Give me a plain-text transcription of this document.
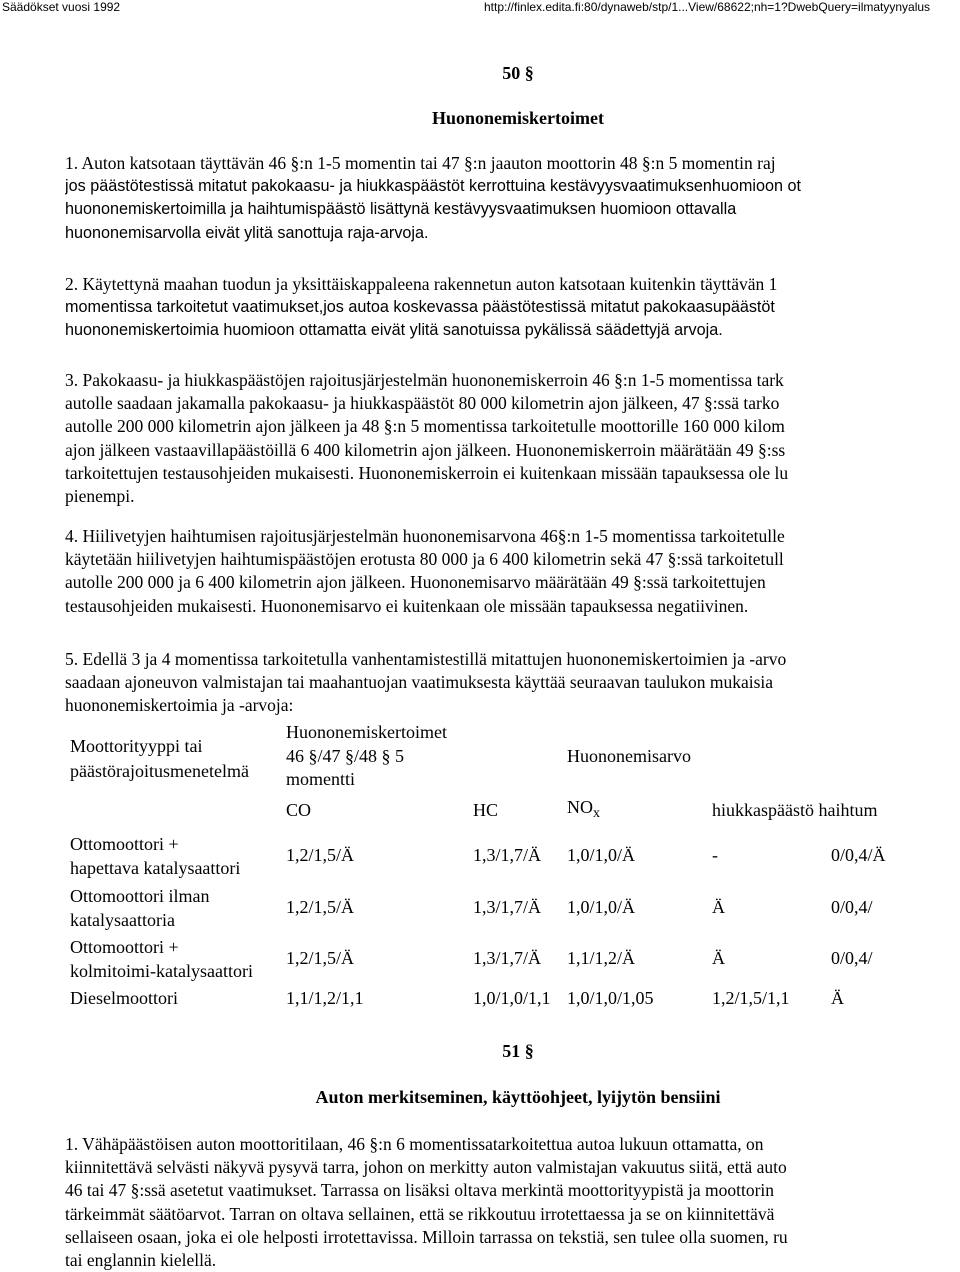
Säädökset vuosi 1992	http://finlex.edita.fi:80/dynaweb/stp/1...View/68622;nh=1?DwebQuery=ilmatyynyalus
50 §
Huononemiskertoimet
1. Auton katsotaan täyttävän 46 §:n 1-5 momentin tai 47 §:n jaauton moottorin 48 §:n 5 momentin raj
jos päästötestissä mitatut pakokaasu- ja hiukkaspäästöt kerrottuina kestävyysvaatimuksenhuomioon ot
huononemiskertoimilla ja haihtumispäästö lisättynä kestävyysvaatimuksen huomioon ottavalla
huononemisarvolla eivät ylitä sanottuja raja-arvoja.
2. Käytettynä maahan tuodun ja yksittäiskappaleena rakennetun auton katsotaan kuitenkin täyttävän 1
momentissa tarkoitetut vaatimukset,jos autoa koskevassa päästötestissä mitatut pakokaasupäästöt
huononemiskertoimia huomioon ottamatta eivät ylitä sanotuissa pykälissä säädettyjä arvoja.
3. Pakokaasu- ja hiukkaspäästöjen rajoitusjärjestelmän huononemiskerroin 46 §:n 1-5 momentissa tark
autolle saadaan jakamalla pakokaasu- ja hiukkaspäästöt 80 000 kilometrin ajon jälkeen, 47 §:ssä tarko
autolle 200 000 kilometrin ajon jälkeen ja 48 §:n 5 momentissa tarkoitetulle moottorille 160 000 kilom
ajon jälkeen vastaavillapäästöillä 6 400 kilometrin ajon jälkeen. Huononemiskerroin määrätään 49 §:ss
tarkoitettujen testausohjeiden mukaisesti. Huononemiskerroin ei kuitenkaan missään tapauksessa ole lu
pienempi.
4. Hiilivetyjen haihtumisen rajoitusjärjestelmän huononemisarvona 46§:n 1-5 momentissa tarkoitetulle
käytetään hiilivetyjen haihtumispäästöjen erotusta 80 000 ja 6 400 kilometrin sekä 47 §:ssä tarkoitetull
autolle 200 000 ja 6 400 kilometrin ajon jälkeen. Huononemisarvo määrätään 49 §:ssä tarkoitettujen
testausohjeiden mukaisesti. Huononemisarvo ei kuitenkaan ole missään tapauksessa negatiivinen.
5. Edellä 3 ja 4 momentissa tarkoitetulla vanhentamistestillä mitattujen huononemiskertoimien ja -arvo
saadaan ajoneuvon valmistajan tai maahantuojan vaatimuksesta käyttää seuraavan taulukon mukaisia
huononemiskertoimia ja -arvoja:
Moottorityyppi tai
päästörajoitusmenetelmä
Huononemiskertoimet
46 §/47 §/48 § 5
momentti
Huononemisarvo
CO	HC	$NO_x$	hiukkaspäästö haihtum
Ottomoottori +
hapettava katalysaattori
1,2/1,5/Ä	1,3/1,7/Ä 1,0/1,0/Ä	-	0/0,4/Ä
Ottomoottori ilman
katalysaattoria
1,2/1,5/Ä	1,3/1,7/Ä 1,0/1,0/Ä	Ä	0/0,4/
Ottomoottori +
kolmitoimi-katalysaattori
1,2/1,5/Ä	1,3/1,7/Ä 1,1/1,2/Ä	Ä	0/0,4/
Dieselmoottori	1,1/1,2/1,1	1,0/1,0/1,1 1,0/1,0/1,05	1,2/1,5/1,1 Ä
51 §
Auton merkitseminen, käyttöohjeet, lyijytön bensiini
1. Vähäpäästöisen auton moottoritilaan, 46 §:n 6 momentissatarkoitettua autoa lukuun ottamatta, on
kiinnitettävä selvästi näkyvä pysyvä tarra, johon on merkitty auton valmistajan vakuutus siitä, että auto
46 tai 47 §:ssä asetetut vaatimukset. Tarrassa on lisäksi oltava merkintä moottorityypistä ja moottorin
tärkeimmät säätöarvot. Tarran on oltava sellainen, että se rikkoutuu irrotettaessa ja se on kiinnitettävä
sellaiseen osaan, joka ei ole helposti irrotettavissa. Milloin tarrassa on tekstiä, sen tulee olla suomen, ru
tai englannin kielellä.
